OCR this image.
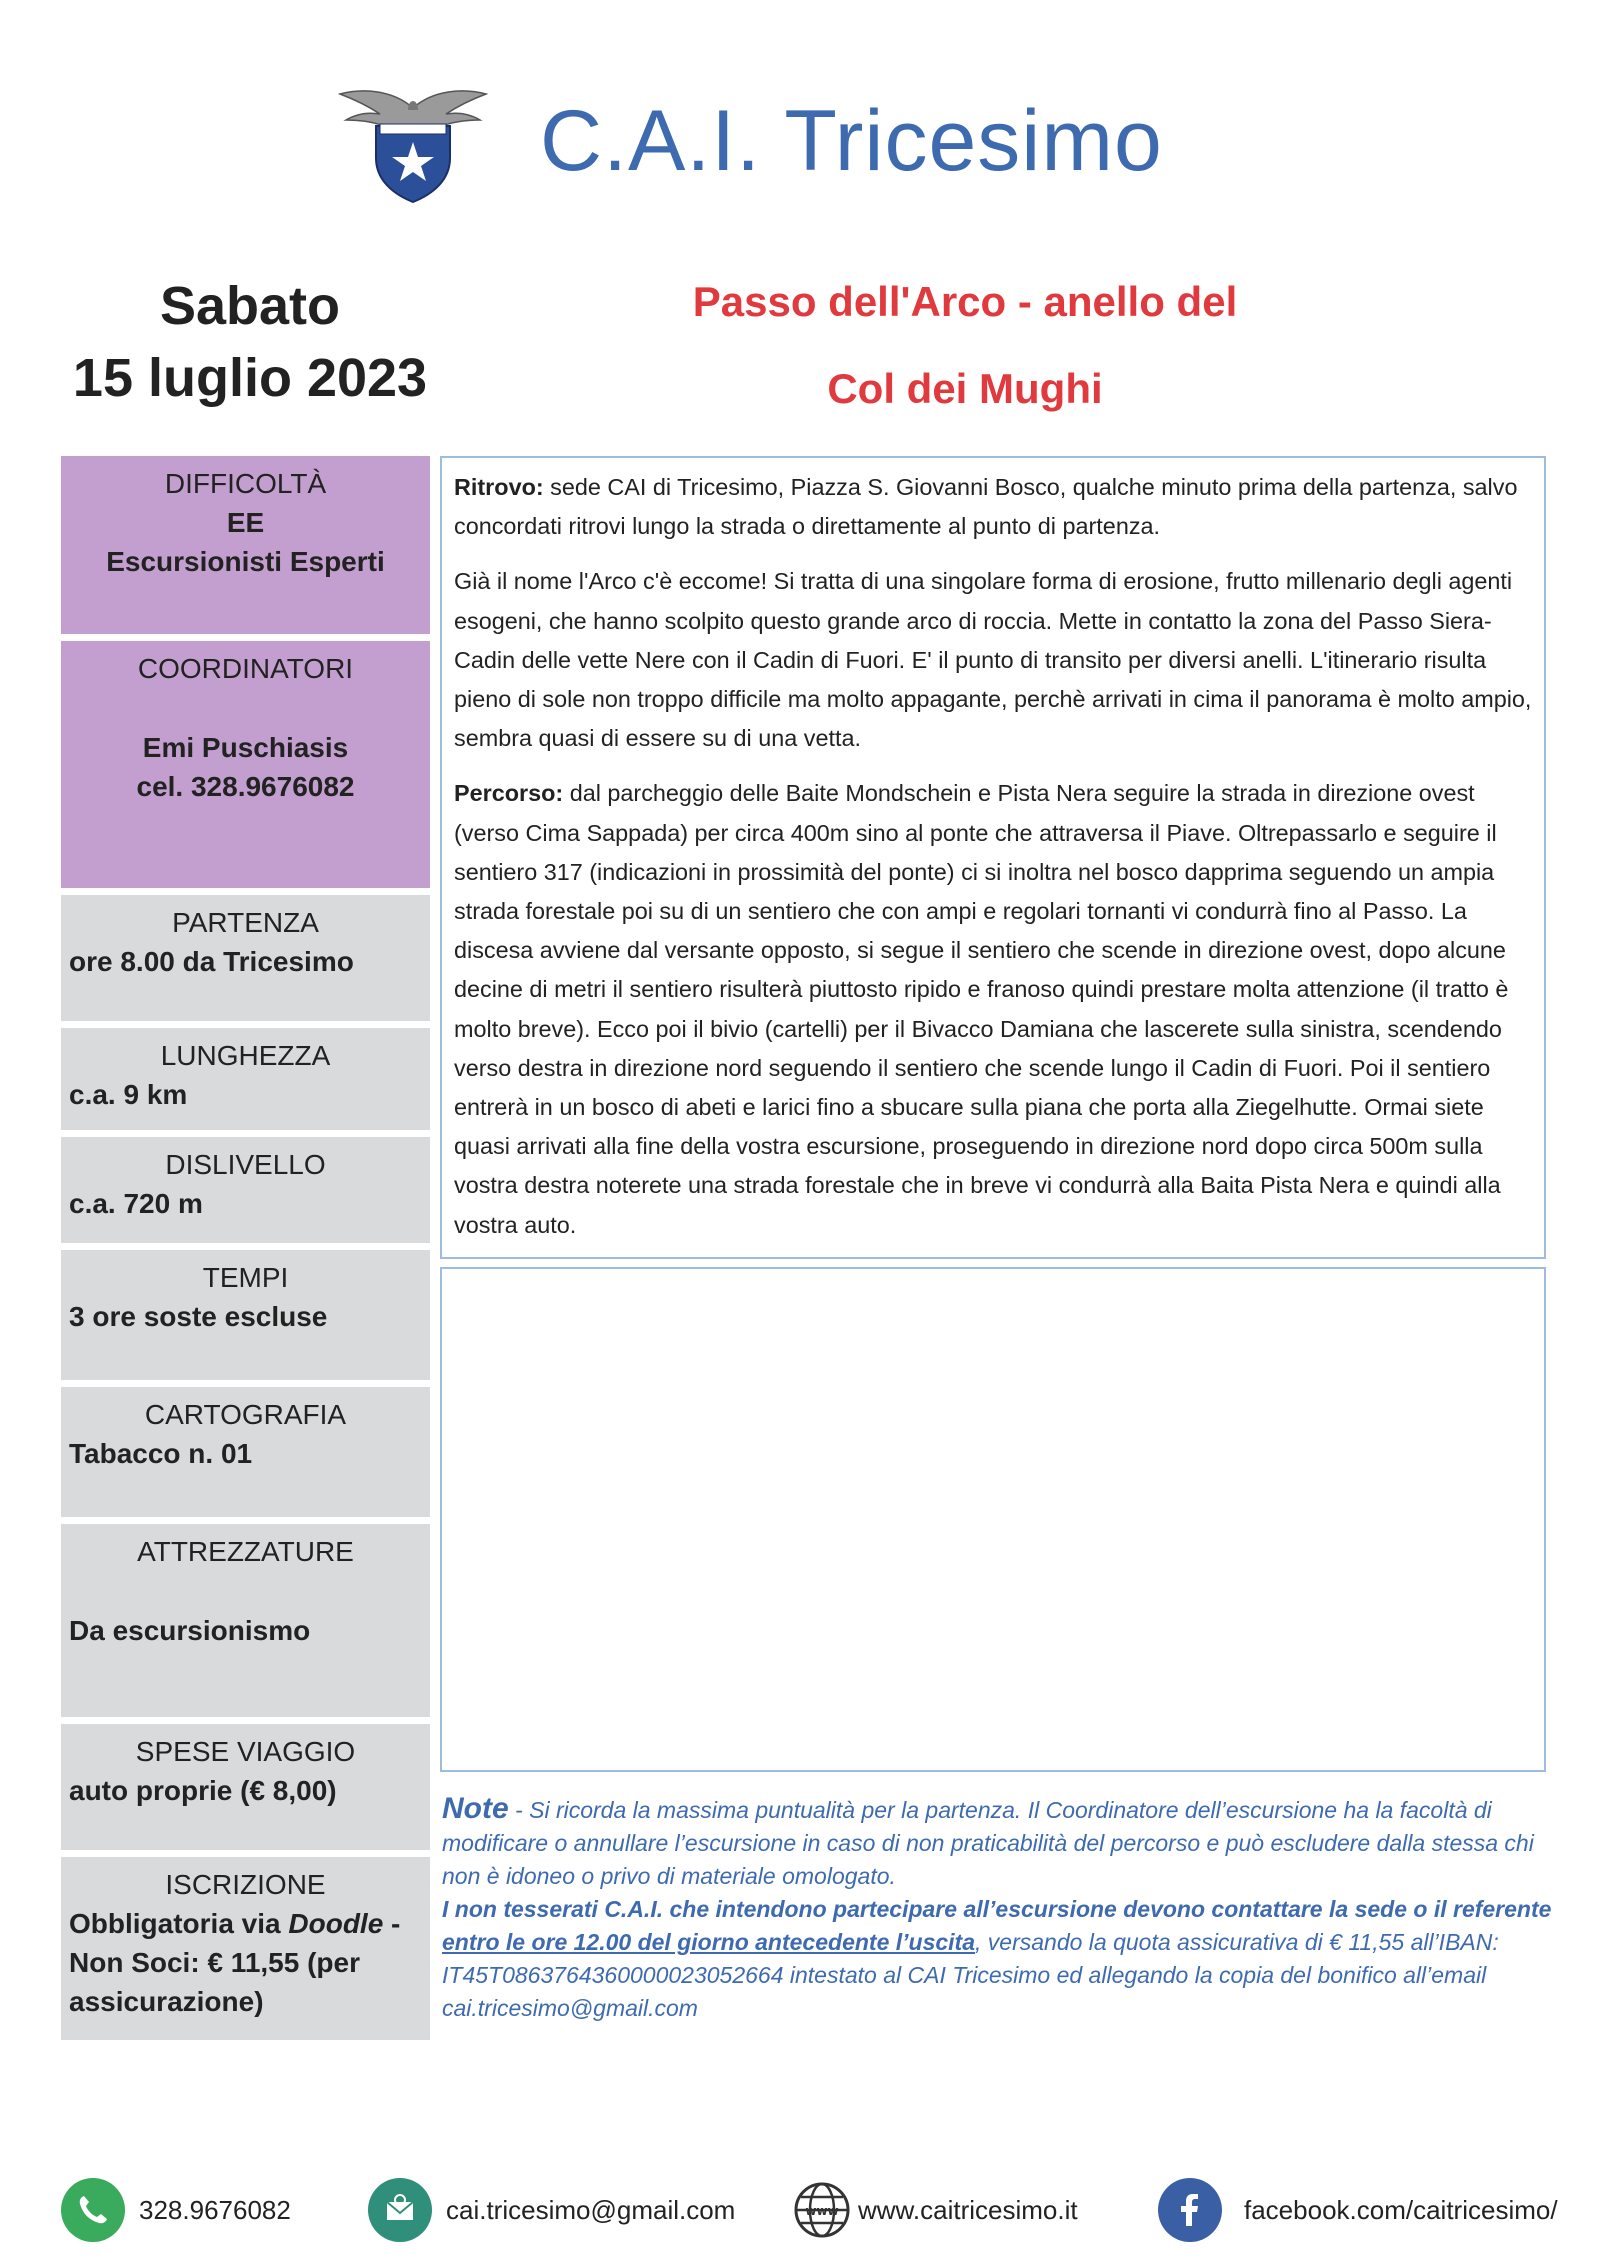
C.A.I. Tricesimo
Sabato
15 luglio 2023
Passo dell'Arco - anello del
Col dei Mughi
DIFFICOLTÀ
EE
Escursionisti Esperti
COORDINATORI
Emi Puschiasis
cel. 328.9676082
PARTENZA
ore 8.00 da Tricesimo
LUNGHEZZA
c.a. 9 km
DISLIVELLO
c.a. 720 m
TEMPI
3 ore soste escluse
CARTOGRAFIA
Tabacco n. 01
ATTREZZATURE
Da escursionismo
SPESE VIAGGIO
auto proprie (€ 8,00)
ISCRIZIONE
Obbligatoria via Doodle - Non Soci: € 11,55 (per assicurazione)

Ritrovo: sede CAI di Tricesimo, Piazza S. Giovanni Bosco, qualche minuto prima della partenza, salvo concordati ritrovi lungo la strada o direttamente al punto di partenza.

Già il nome l'Arco c'è eccome! Si tratta di una singolare forma di erosione, frutto millenario degli agenti esogeni, che hanno scolpito questo grande arco di roccia. Mette in contatto la zona del Passo Siera-Cadin delle vette Nere con il Cadin di Fuori. E' il punto di transito per diversi anelli. L'itinerario risulta pieno di sole non troppo difficile ma molto appagante, perchè arrivati in cima il panorama è molto ampio, sembra quasi di essere su di una vetta.

Percorso: dal parcheggio delle Baite Mondschein e Pista Nera seguire la strada in direzione ovest (verso Cima Sappada) per circa 400m sino al ponte che attraversa il Piave. Oltrepassarlo e seguire il sentiero 317 (indicazioni in prossimità del ponte) ci si inoltra nel bosco dapprima seguendo un ampia strada forestale poi su di un sentiero che con ampi e regolari tornanti vi condurrà fino al Passo. La discesa avviene dal versante opposto, si segue il sentiero che scende in direzione ovest, dopo alcune decine di metri il sentiero risulterà piuttosto ripido e franoso quindi prestare molta attenzione (il tratto è molto breve). Ecco poi il bivio (cartelli) per il Bivacco Damiana che lascerete sulla sinistra, scendendo verso destra in direzione nord seguendo il sentiero che scende lungo il Cadin di Fuori. Poi il sentiero entrerà in un bosco di abeti e larici fino a sbucare sulla piana che porta alla Ziegelhutte. Ormai siete quasi arrivati alla fine della vostra escursione, proseguendo in direzione nord dopo circa 500m sulla vostra destra noterete una strada forestale che in breve vi condurrà alla Baita Pista Nera e quindi alla vostra auto.

Note - Si ricorda la massima puntualità per la partenza. Il Coordinatore dell’escursione ha la facoltà di modificare o annullare l’escursione in caso di non praticabilità del percorso e può escludere dalla stessa chi non è idoneo o privo di materiale omologato.
I non tesserati C.A.I. che intendono partecipare all’escursione devono contattare la sede o il referente entro le ore 12.00 del giorno antecedente l’uscita, versando la quota assicurativa di € 11,55 all’IBAN: IT45T0863764360000023052664 intestato al CAI Tricesimo ed allegando la copia del bonifico all’email cai.tricesimo@gmail.com
328.9676082	cai.tricesimo@gmail.com	www www.caitricesimo.it	facebook.com/caitricesimo/
